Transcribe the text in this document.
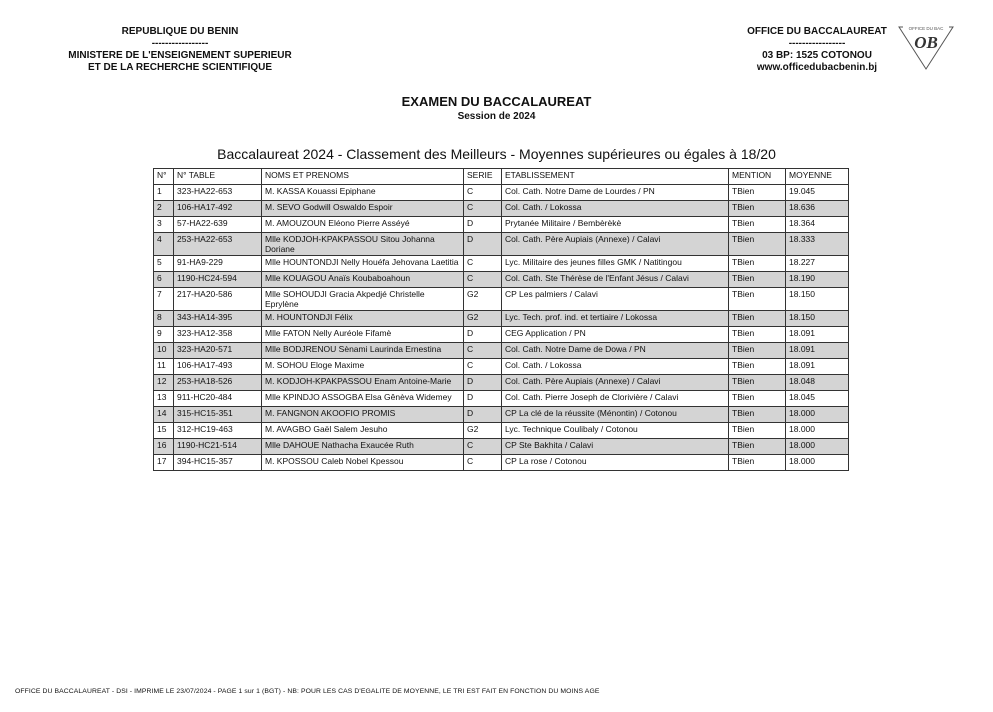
REPUBLIQUE DU BENIN
-----------------
MINISTERE DE L'ENSEIGNEMENT SUPERIEUR
ET DE LA RECHERCHE SCIENTIFIQUE
OFFICE DU BACCALAUREAT
-----------------
03 BP: 1525 COTONOU
www.officedubacbenin.bj
OFFICE DU BAC
OB
EXAMEN DU BACCALAUREAT
Session de 2024
Baccalaureat 2024 - Classement des Meilleurs - Moyennes supérieures ou égales à 18/20
N°	N° TABLE	NOMS ET PRENOMS	SERIE	ETABLISSEMENT	MENTION	MOYENNE
1	323-HA22-653	M. KASSA Kouassi Epiphane	C	Col. Cath. Notre Dame de Lourdes / PN	TBien	19.045
2	106-HA17-492	M. SEVO Godwill Oswaldo Espoir	C	Col. Cath. / Lokossa	TBien	18.636
3	57-HA22-639	M. AMOUZOUN Eléono Pierre Asséyé	D	Prytanée Militaire / Bembèrèkè	TBien	18.364
4	253-HA22-653	Mlle KODJOH-KPAKPASSOU Sitou Johanna Doriane	D	Col. Cath. Père Aupiais (Annexe) / Calavi	TBien	18.333
5	91-HA9-229	Mlle HOUNTONDJI Nelly Houéfa Jehovana Laetitia	C	Lyc. Militaire des jeunes filles GMK / Natitingou	TBien	18.227
6	1190-HC24-594	Mlle KOUAGOU Anaïs Koubaboahoun	C	Col. Cath. Ste Thérèse de l'Enfant Jésus / Calavi	TBien	18.190
7	217-HA20-586	Mlle SOHOUDJI Gracia Akpedjé Christelle Eprylène	G2	CP Les palmiers / Calavi	TBien	18.150
8	343-HA14-395	M. HOUNTONDJI Félix	G2	Lyc. Tech. prof. ind. et tertiaire / Lokossa	TBien	18.150
9	323-HA12-358	Mlle FATON Nelly Auréole Fifamè	D	CEG Application / PN	TBien	18.091
10	323-HA20-571	Mlle BODJRENOU Sènami Laurinda Ernestina	C	Col. Cath. Notre Dame de Dowa / PN	TBien	18.091
11	106-HA17-493	M. SOHOU Eloge Maxime	C	Col. Cath. / Lokossa	TBien	18.091
12	253-HA18-526	M. KODJOH-KPAKPASSOU Enam Antoine-Marie	D	Col. Cath. Père Aupiais (Annexe) / Calavi	TBien	18.048
13	911-HC20-484	Mlle KPINDJO ASSOGBA Elsa Gênèva Widemey	D	Col. Cath. Pierre Joseph de Clorivière / Calavi	TBien	18.045
14	315-HC15-351	M. FANGNON AKOOFIO PROMIS	D	CP La clé de la réussite (Ménontin) / Cotonou	TBien	18.000
15	312-HC19-463	M. AVAGBO Gaël Salem Jesuho	G2	Lyc. Technique Coulibaly / Cotonou	TBien	18.000
16	1190-HC21-514	Mlle DAHOUE Nathacha Exaucée Ruth	C	CP Ste Bakhita / Calavi	TBien	18.000
17	394-HC15-357	M. KPOSSOU Caleb Nobel Kpessou	C	CP La rose / Cotonou	TBien	18.000
OFFICE DU BACCALAUREAT - DSI - IMPRIME LE 23/07/2024 - PAGE 1 sur 1 (BGT) - NB: POUR LES CAS D'EGALITE DE MOYENNE, LE TRI EST FAIT EN FONCTION DU MOINS AGE
